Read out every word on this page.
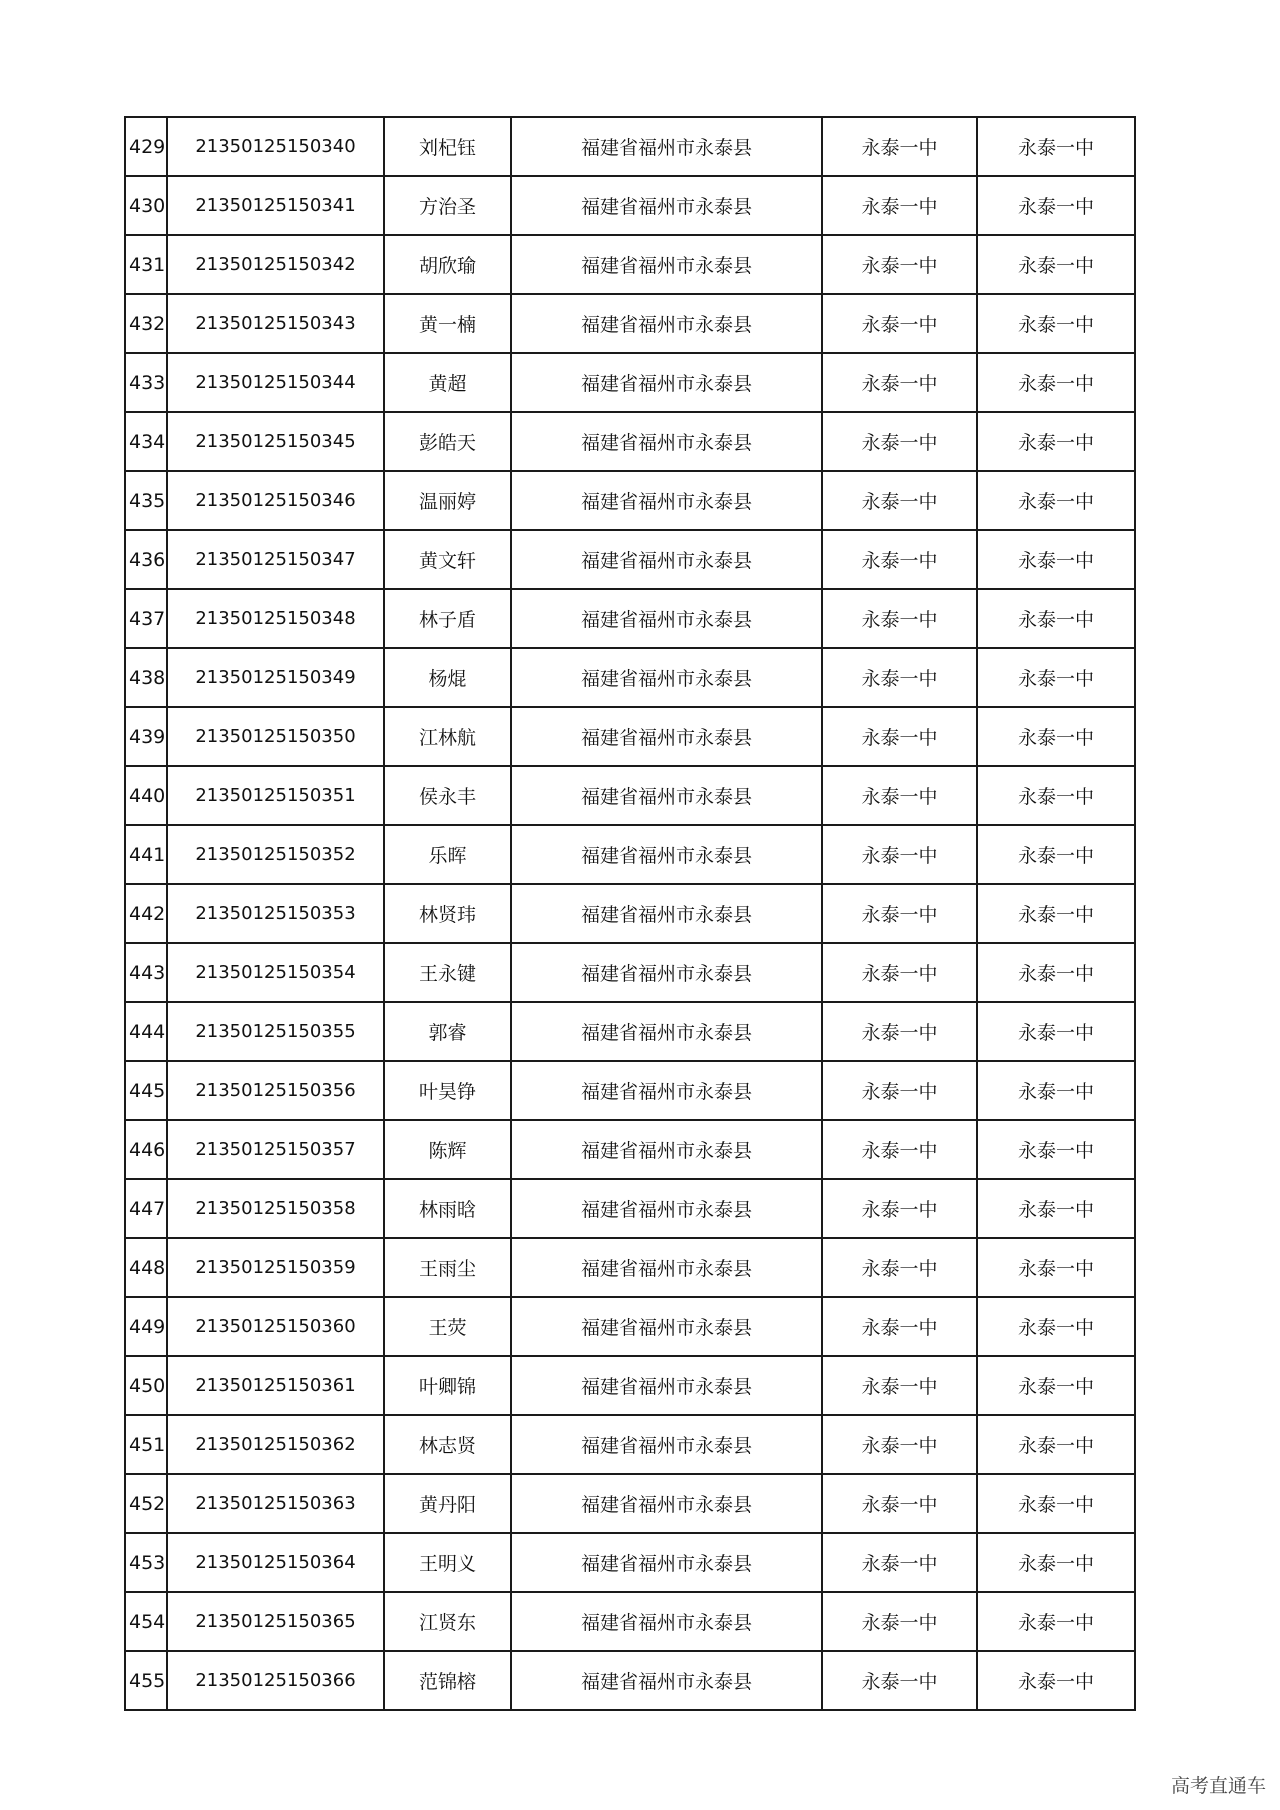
429	21350125150340	刘杞钰	福建省福州市永泰县	永泰一中	永泰一中
430	21350125150341	方治圣	福建省福州市永泰县	永泰一中	永泰一中
431	21350125150342	胡欣瑜	福建省福州市永泰县	永泰一中	永泰一中
432	21350125150343	黄一楠	福建省福州市永泰县	永泰一中	永泰一中
433	21350125150344	黄超	福建省福州市永泰县	永泰一中	永泰一中
434	21350125150345	彭皓天	福建省福州市永泰县	永泰一中	永泰一中
435	21350125150346	温丽婷	福建省福州市永泰县	永泰一中	永泰一中
436	21350125150347	黄文轩	福建省福州市永泰县	永泰一中	永泰一中
437	21350125150348	林子盾	福建省福州市永泰县	永泰一中	永泰一中
438	21350125150349	杨焜	福建省福州市永泰县	永泰一中	永泰一中
439	21350125150350	江林航	福建省福州市永泰县	永泰一中	永泰一中
440	21350125150351	侯永丰	福建省福州市永泰县	永泰一中	永泰一中
441	21350125150352	乐晖	福建省福州市永泰县	永泰一中	永泰一中
442	21350125150353	林贤玮	福建省福州市永泰县	永泰一中	永泰一中
443	21350125150354	王永键	福建省福州市永泰县	永泰一中	永泰一中
444	21350125150355	郭睿	福建省福州市永泰县	永泰一中	永泰一中
445	21350125150356	叶昊铮	福建省福州市永泰县	永泰一中	永泰一中
446	21350125150357	陈辉	福建省福州市永泰县	永泰一中	永泰一中
447	21350125150358	林雨晗	福建省福州市永泰县	永泰一中	永泰一中
448	21350125150359	王雨尘	福建省福州市永泰县	永泰一中	永泰一中
449	21350125150360	王荧	福建省福州市永泰县	永泰一中	永泰一中
450	21350125150361	叶卿锦	福建省福州市永泰县	永泰一中	永泰一中
451	21350125150362	林志贤	福建省福州市永泰县	永泰一中	永泰一中
452	21350125150363	黄丹阳	福建省福州市永泰县	永泰一中	永泰一中
453	21350125150364	王明义	福建省福州市永泰县	永泰一中	永泰一中
454	21350125150365	江贤东	福建省福州市永泰县	永泰一中	永泰一中
455	21350125150366	范锦榕	福建省福州市永泰县	永泰一中	永泰一中
高考直通车
